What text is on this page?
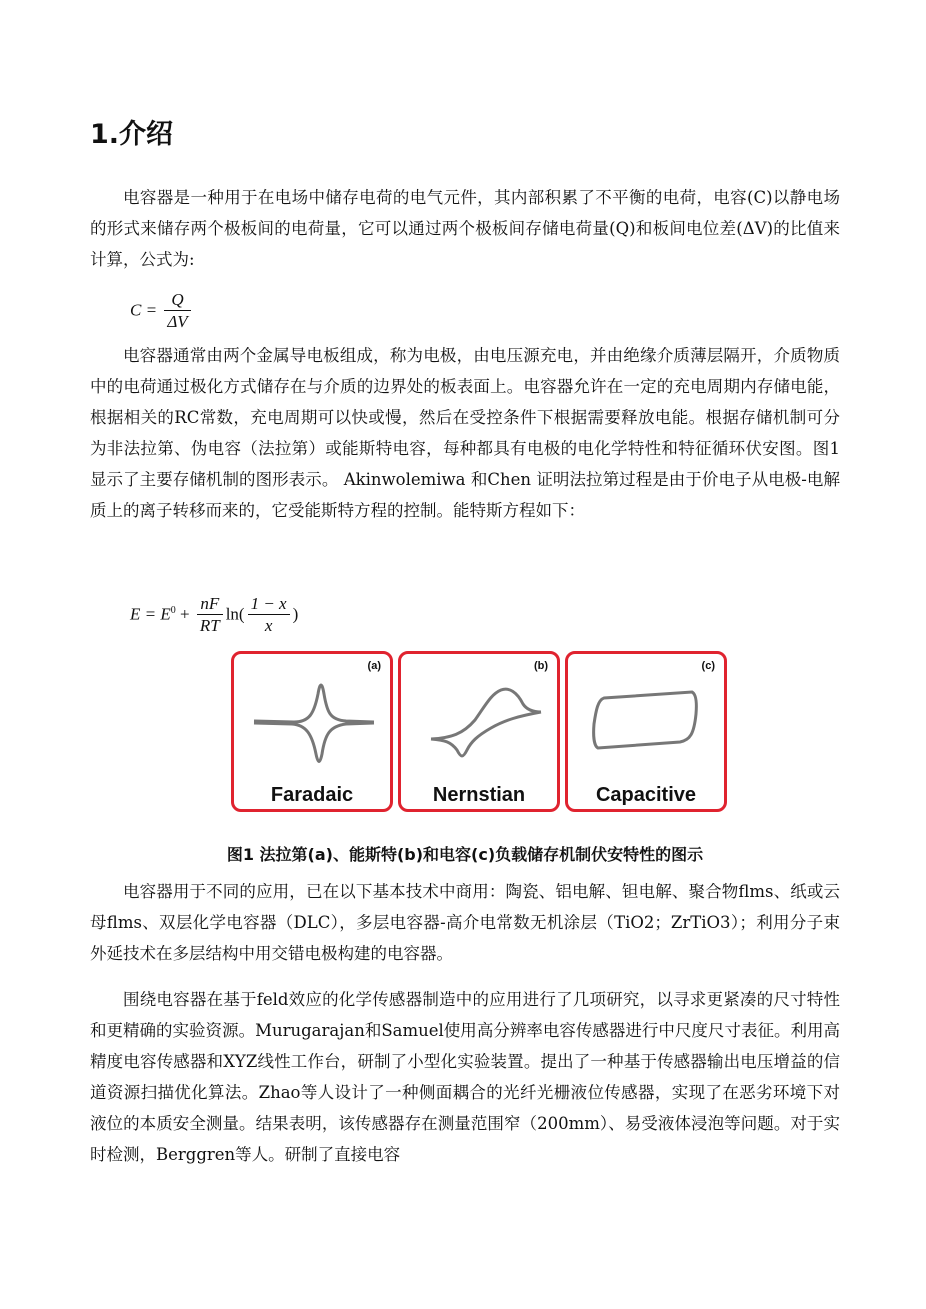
1.介绍

电容器是一种用于在电场中储存电荷的电气元件，其内部积累了不平衡的电荷，电容(C)以静电场的形式来储存两个极板间的电荷量，它可以通过两个极板间存储电荷量(Q)和板间电位差(ΔV)的比值来计算，公式为:

$C = \frac{Q}{\Delta V}$

电容器通常由两个金属导电板组成，称为电极，由电压源充电，并由绝缘介质薄层隔开，介质物质中的电荷通过极化方式储存在与介质的边界处的板表面上。电容器允许在一定的充电周期内存储电能，根据相关的RC常数，充电周期可以快或慢，然后在受控条件下根据需要释放电能。根据存储机制可分为非法拉第、伪电容（法拉第）或能斯特电容，每种都具有电极的电化学特性和特征循环伏安图。图1显示了主要存储机制的图形表示。 Akinwolemiwa 和Chen 证明法拉第过程是由于价电子从电极-电解质上的离子转移而来的，它受能斯特方程的控制。能特斯方程如下：

$E = E^0 + \frac{nF}{RT} \ln( \frac{1 - x}{x}$ )
(a)
Faradaic
(b)
Nernstian
(c)
Capacitive
图1 法拉第(a)、能斯特(b)和电容(c)负载储存机制伏安特性的图示

电容器用于不同的应用，已在以下基本技术中商用：陶瓷、铝电解、钽电解、聚合物flms、纸或云母flms、双层化学电容器（DLC），多层电容器-高介电常数无机涂层（TiO2；ZrTiO3）；利用分子束外延技术在多层结构中用交错电极构建的电容器。

围绕电容器在基于feld效应的化学传感器制造中的应用进行了几项研究，以寻求更紧凑的尺寸特性和更精确的实验资源。Murugarajan和Samuel使用高分辨率电容传感器进行中尺度尺寸表征。利用高精度电容传感器和XYZ线性工作台，研制了小型化实验装置。提出了一种基于传感器输出电压增益的信道资源扫描优化算法。Zhao等人设计了一种侧面耦合的光纤光栅液位传感器，实现了在恶劣环境下对液位的本质安全测量。结果表明，该传感器存在测量范围窄（200mm）、易受液体浸泡等问题。对于实时检测，Berggren等人。研制了直接电容
